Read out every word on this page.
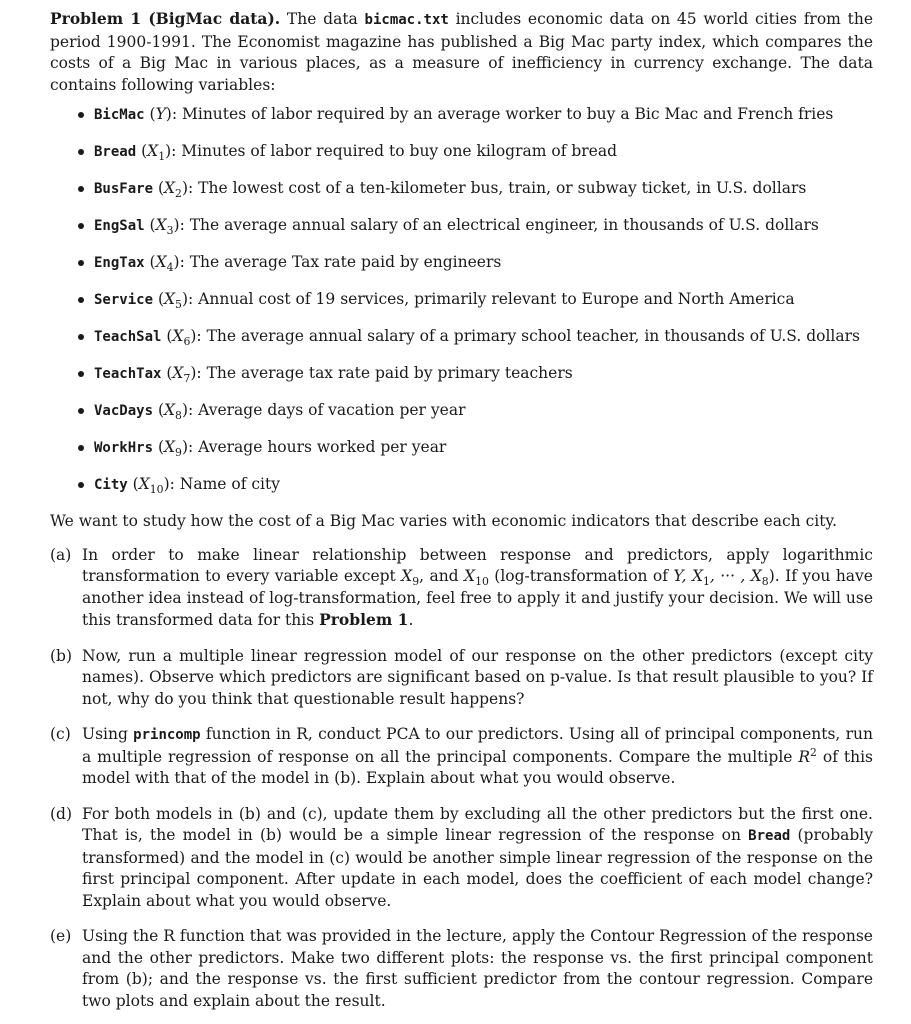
Problem 1 (BigMac data). The data bicmac.txt includes economic data on 45 world cities from the period 1900-1991. The Economist magazine has published a Big Mac party index, which compares the costs of a Big Mac in various places, as a measure of inefficiency in currency exchange. The data contains following variables:

BicMac (Y): Minutes of labor required by an average worker to buy a Bic Mac and French fries
Bread $(X_1)$: Minutes of labor required to buy one kilogram of bread
BusFare $(X_2)$: The lowest cost of a ten-kilometer bus, train, or subway ticket, in U.S. dollars
EngSal $(X_3)$: The average annual salary of an electrical engineer, in thousands of U.S. dollars
EngTax $(X_4)$: The average Tax rate paid by engineers
Service $(X_5)$: Annual cost of 19 services, primarily relevant to Europe and North America
TeachSal $(X_6)$: The average annual salary of a primary school teacher, in thousands of U.S. dollars
TeachTax $(X_7)$: The average tax rate paid by primary teachers
VacDays $(X_8)$: Average days of vacation per year
WorkHrs $(X_9)$: Average hours worked per year
City $(X_{10})$: Name of city

We want to study how the cost of a Big Mac varies with economic indicators that describe each city.

(a) In order to make linear relationship between response and predictors, apply logarithmic transformation to every variable except $X_9$, and $X_{10}$ (log-transformation of Y, $X_1$, ··· , $X_8$). If you have another idea instead of log-transformation, feel free to apply it and justify your decision. We will use this transformed data for this Problem 1.
(b) Now, run a multiple linear regression model of our response on the other predictors (except city names). Observe which predictors are significant based on p-value. Is that result plausible to you? If not, why do you think that questionable result happens?
(c) Using princomp function in R, conduct PCA to our predictors. Using all of principal components, run a multiple regression of response on all the principal components. Compare the multiple $R^2$ of this model with that of the model in (b). Explain about what you would observe.
(d) For both models in (b) and (c), update them by excluding all the other predictors but the first one. That is, the model in (b) would be a simple linear regression of the response on Bread (probably transformed) and the model in (c) would be another simple linear regression of the response on the first principal component. After update in each model, does the coefficient of each model change? Explain about what you would observe.
(e) Using the R function that was provided in the lecture, apply the Contour Regression of the response and the other predictors. Make two different plots: the response vs. the first principal component from (b); and the response vs. the first sufficient predictor from the contour regression. Compare two plots and explain about the result.
